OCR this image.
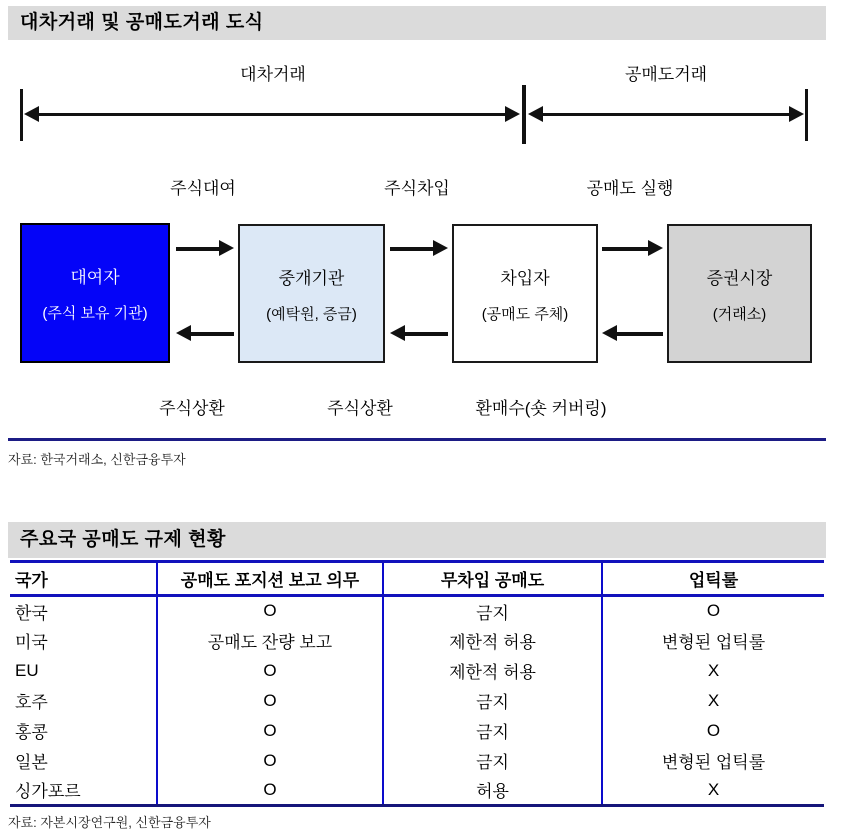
대차거래 및 공매도거래 도식
대차거래	공매도거래
주식대여	주식차입	공매도 실행
대여자
(주식 보유 기관)
중개기관
(예탁원, 증금)
차입자
(공매도 주체)
증권시장
(거래소)
주식상환	주식상환	환매수(숏 커버링)
자료: 한국거래소, 신한금융투자
주요국 공매도 규제 현황
국가	공매도 포지션 보고 의무	무차입 공매도	업틱룰
한국	O	금지	O
미국	공매도 잔량 보고	제한적 허용	변형된 업틱룰
EU	O	제한적 허용	X
호주	O	금지	X
홍콩	O	금지	O
일본	O	금지	변형된 업틱룰
싱가포르	O	허용	X
자료: 자본시장연구원, 신한금융투자
